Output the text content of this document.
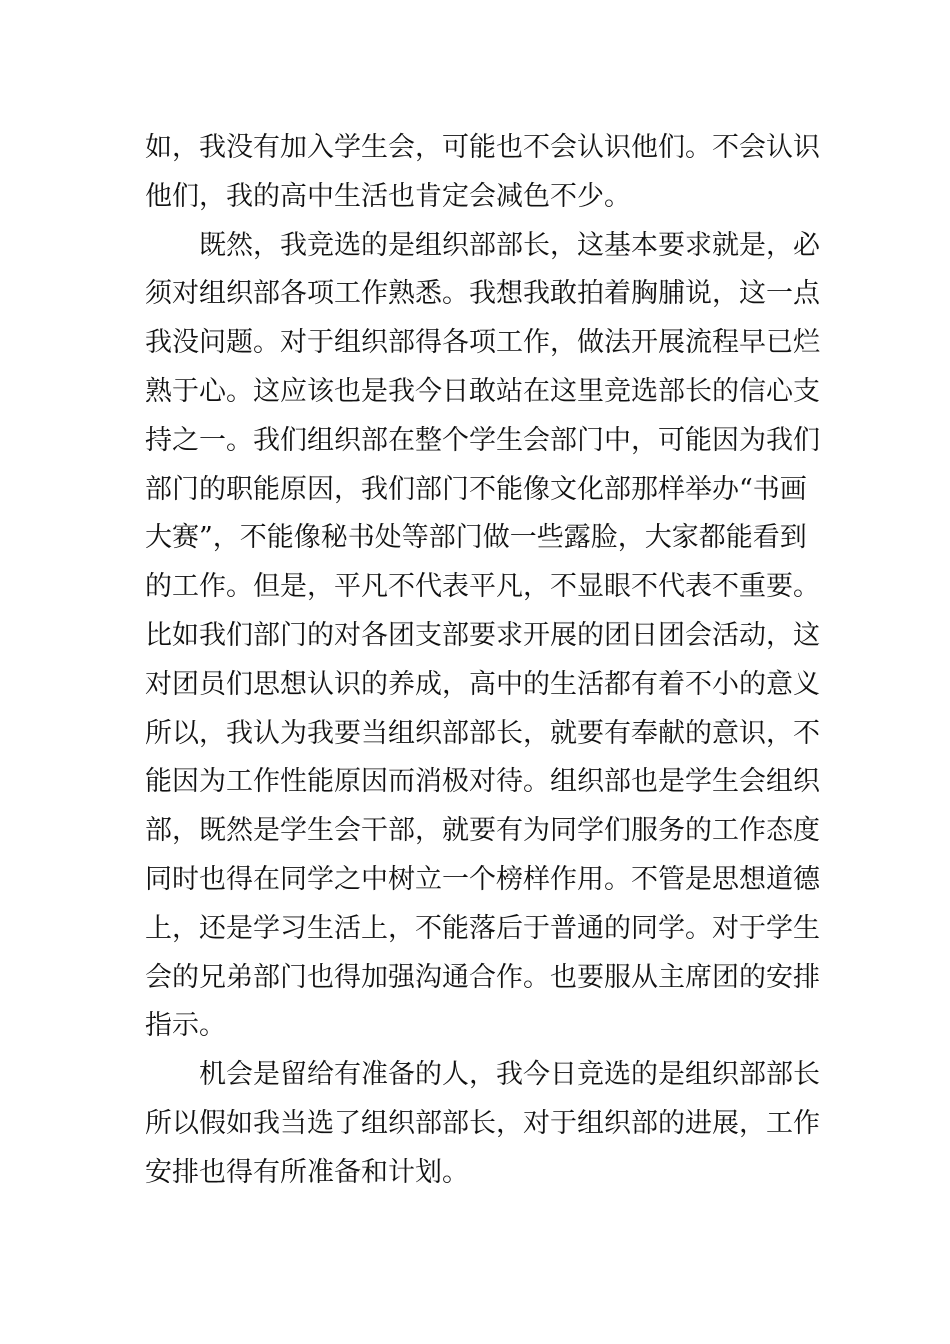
如，我没有加入学生会，可能也不会认识他们。不会认识
他们，我的高中生活也肯定会减色不少。
既然，我竞选的是组织部部长，这基本要求就是，必
须对组织部各项工作熟悉。我想我敢拍着胸脯说，这一点
我没问题。对于组织部得各项工作，做法开展流程早已烂
熟于心。这应该也是我今日敢站在这里竞选部长的信心支
持之一。我们组织部在整个学生会部门中，可能因为我们
部门的职能原因，我们部门不能像文化部那样举办“书画
大赛”，不能像秘书处等部门做一些露脸，大家都能看到
的工作。但是，平凡不代表平凡，不显眼不代表不重要。
比如我们部门的对各团支部要求开展的团日团会活动，这
对团员们思想认识的养成，高中的生活都有着不小的意义
所以，我认为我要当组织部部长，就要有奉献的意识，不
能因为工作性能原因而消极对待。组织部也是学生会组织
部，既然是学生会干部，就要有为同学们服务的工作态度
同时也得在同学之中树立一个榜样作用。不管是思想道德
上，还是学习生活上，不能落后于普通的同学。对于学生
会的兄弟部门也得加强沟通合作。也要服从主席团的安排
指示。
机会是留给有准备的人，我今日竞选的是组织部部长
所以假如我当选了组织部部长，对于组织部的进展，工作
安排也得有所准备和计划。
